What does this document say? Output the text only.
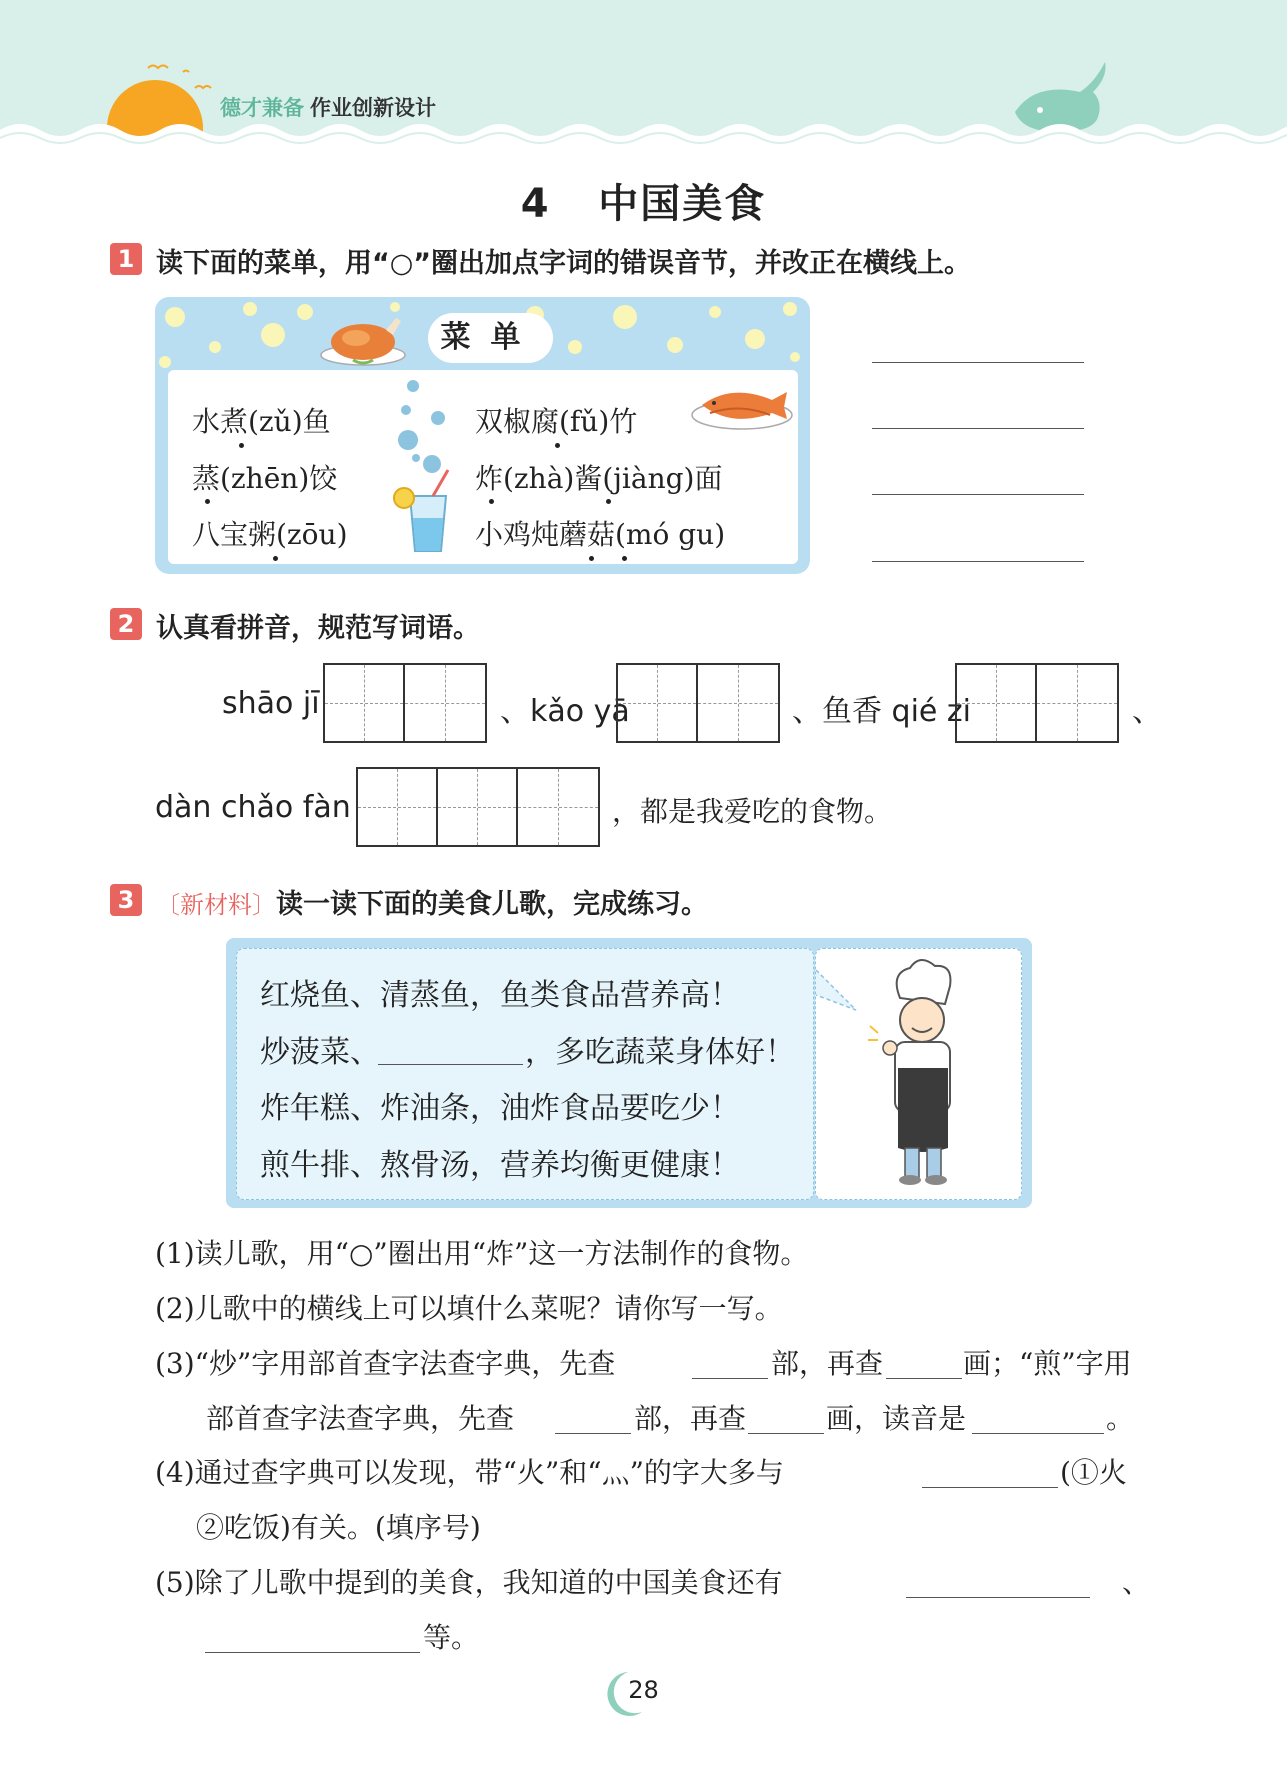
德才兼备 作业创新设计
4   中国美食
1 读下面的菜单，用“○”圈出加点字词的错误音节，并改正在横线上。
菜单
水煮(zǔ)鱼	双椒腐(fǔ)竹
蒸(zhēn)饺	炸(zhà)酱(jiàng)面
八宝粥(zōu)	小鸡炖蘑菇(mó gu)
2 认真看拼音，规范写词语。
shāo jī	、kǎo yā	、鱼香 qié zi	、
dàn chǎo fàn	，都是我爱吃的食物。
3 〔新材料〕读一读下面的美食儿歌，完成练习。
红烧鱼、清蒸鱼，鱼类食品营养高！
炒菠菜、	，多吃蔬菜身体好！
炸年糕、炸油条，油炸食品要吃少！
煎牛排、熬骨汤，营养均衡更健康！
(1)读儿歌，用“○”圈出用“炸”这一方法制作的食物。
(2)儿歌中的横线上可以填什么菜呢？请你写一写。
(3)“炒”字用部首查字法查字典，先查	部，再查	画；“煎”字用
部首查字法查字典，先查	部，再查	画，读音是	。
(4)通过查字典可以发现，带“火”和“灬”的字大多与	(①火
②吃饭)有关。(填序号)
(5)除了儿歌中提到的美食，我知道的中国美食还有	、
等。
28
